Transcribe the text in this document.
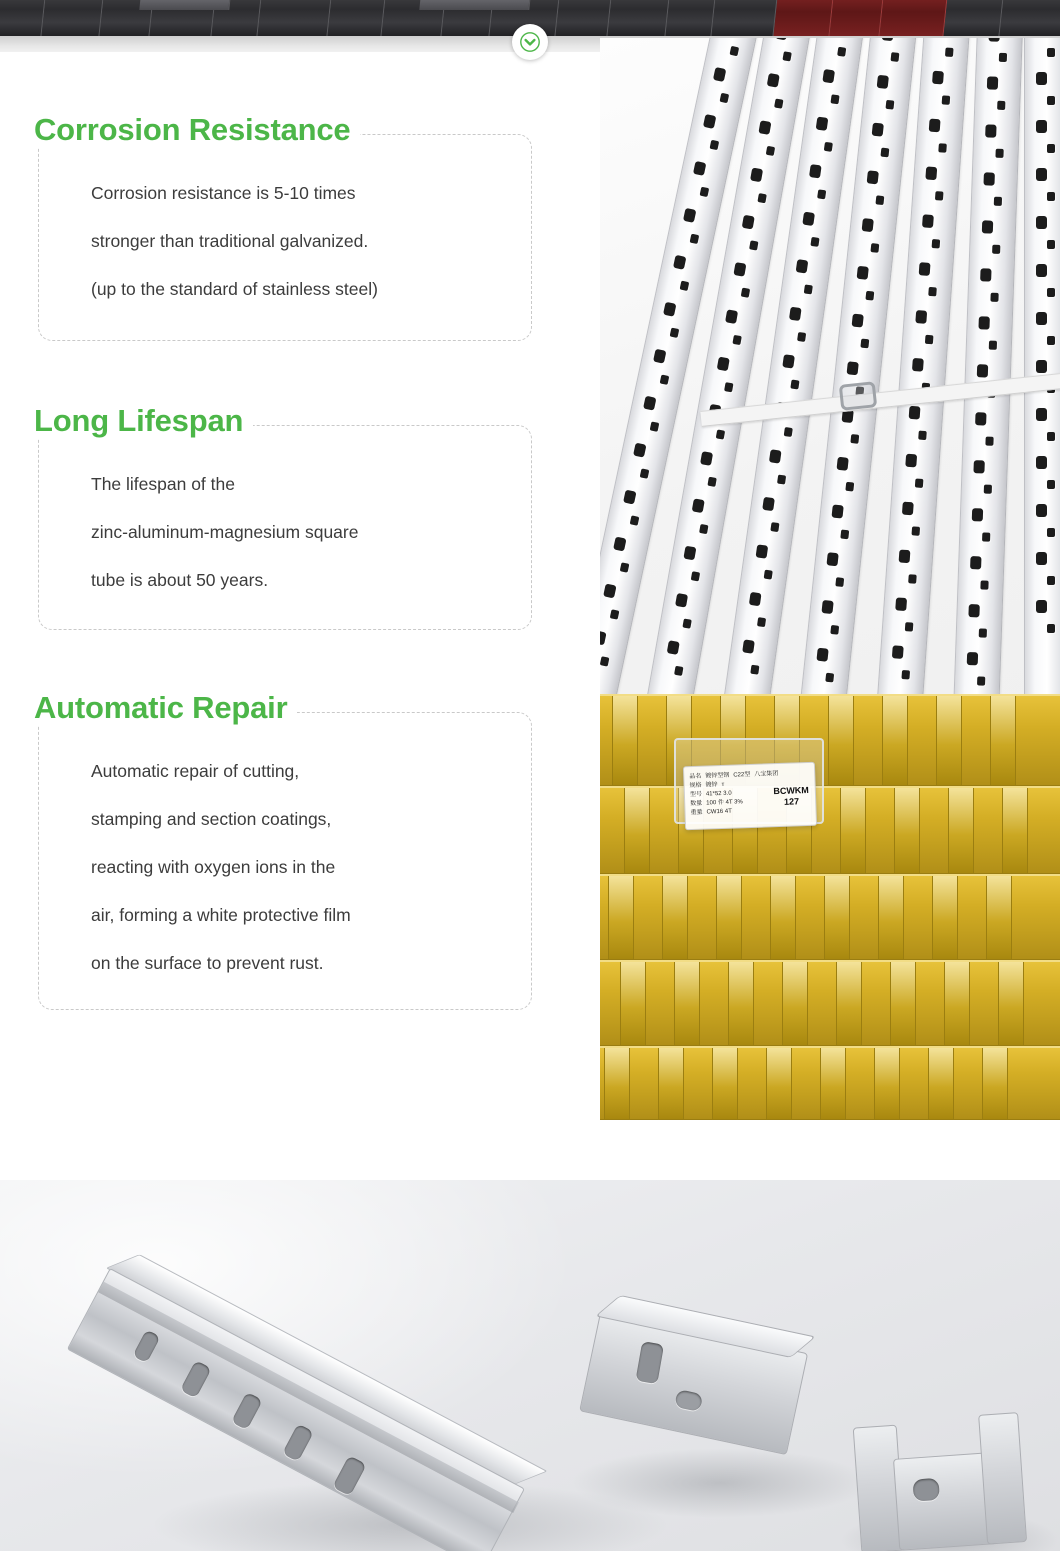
Corrosion Resistance

Corrosion resistance is 5-10 times

stronger than traditional galvanized.

(up to the standard of stainless steel)

Long Lifespan

The lifespan of the

zinc-aluminum-magnesium square

tube is about 50 years.

Automatic Repair

Automatic repair of cutting,

stamping and section coatings,

reacting with oxygen ions in the

air, forming a white protective film

on the surface to prevent rust.

品名 镀锌型钢 C22型 八宝集团
规格 镀锌 т
型号 41*52 3.0
数量 100 件 4T 3%
重量 CW16 4T
BCWKM
127
